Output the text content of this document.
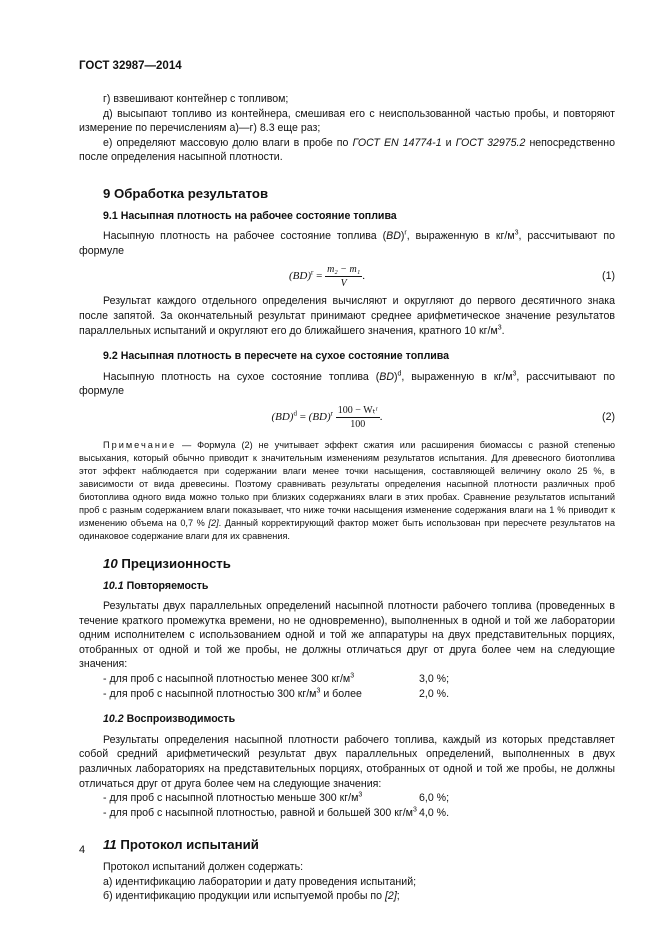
ГОСТ 32987—2014

г) взвешивают контейнер с топливом;

д) высыпают топливо из контейнера, смешивая его с неиспользованной частью пробы, и повторяют измерение по перечислениям а)—г) 8.3 еще раз;

е) определяют массовую долю влаги в пробе по ГОСТ EN 14774-1 и ГОСТ 32975.2 непосредственно после определения насыпной плотности.

9 Обработка результатов
9.1 Насыпная плотность на рабочее состояние топлива

Насыпную плотность на рабочее состояние топлива (BD)$^r$, выраженную в $кг/м^3$, рассчитывают по формуле

$(BD)^r = \frac{\text{m₂ − m₁}}{V}$ .	(1)

Результат каждого отдельного определения вычисляют и округляют до первого десятичного знака после запятой. За окончательный результат принимают среднее арифметическое значение результатов параллельных испытаний и округляют его до ближайшего значения, кратного 10 $кг/м^3$.

9.2 Насыпная плотность в пересчете на сухое состояние топлива

Насыпную плотность на сухое состояние топлива (BD)$^d$, выраженную в $кг/м^3$, рассчитывают по формуле

$(BD)^d = (BD)^r \frac{\text{100 − Wₜʳ}}{100}$ .	(2)

Примечание — Формула (2) не учитывает эффект сжатия или расширения биомассы с разной степенью высыхания, который обычно приводит к значительным изменениям результатов испытания. Для древесного биотоплива этот эффект наблюдается при содержании влаги менее точки насыщения, составляющей величину около 25 %, в зависимости от вида древесины. Поэтому сравнивать результаты определения насыпной плотности различных проб биотоплива одного вида можно только при близких содержаниях влаги в этих пробах. Сравнение результатов испытаний проб с разным содержанием влаги показывает, что ниже точки насыщения изменение содержания влаги на 1 % приводит к изменению объема на 0,7 % [2]. Данный корректирующий фактор может быть использован при пересчете результатов на одинаковое содержание влаги для их сравнения.

10 Прецизионность
10.1 Повторяемость

Результаты двух параллельных определений насыпной плотности рабочего топлива (проведенных в течение краткого промежутка времени, но не одновременно), выполненных в одной и той же лаборатории одним исполнителем с использованием одной и той же аппаратуры на двух представительных порциях, отобранных от одной и той же пробы, не должны отличаться друг от друга более чем на следующие значения:

- для проб с насыпной плотностью менее 300 $кг/м^3$	3,0 %;
- для проб с насыпной плотностью 300 $кг/м^3$ и более	2,0 %.
10.2 Воспроизводимость

Результаты определения насыпной плотности рабочего топлива, каждый из которых представляет собой средний арифметический результат двух параллельных определений, выполненных в двух различных лабораториях на представительных порциях, отобранных от одной и той же пробы, не должны отличаться друг от друга более чем на следующие значения:

- для проб с насыпной плотностью меньше 300 $кг/м^3$	6,0 %;
- для проб с насыпной плотностью, равной и большей 300 $кг/м^3$ 4,0 %.
11 Протокол испытаний

Протокол испытаний должен содержать:

а) идентификацию лаборатории и дату проведения испытаний;

б) идентификацию продукции или испытуемой пробы по [2];

4
